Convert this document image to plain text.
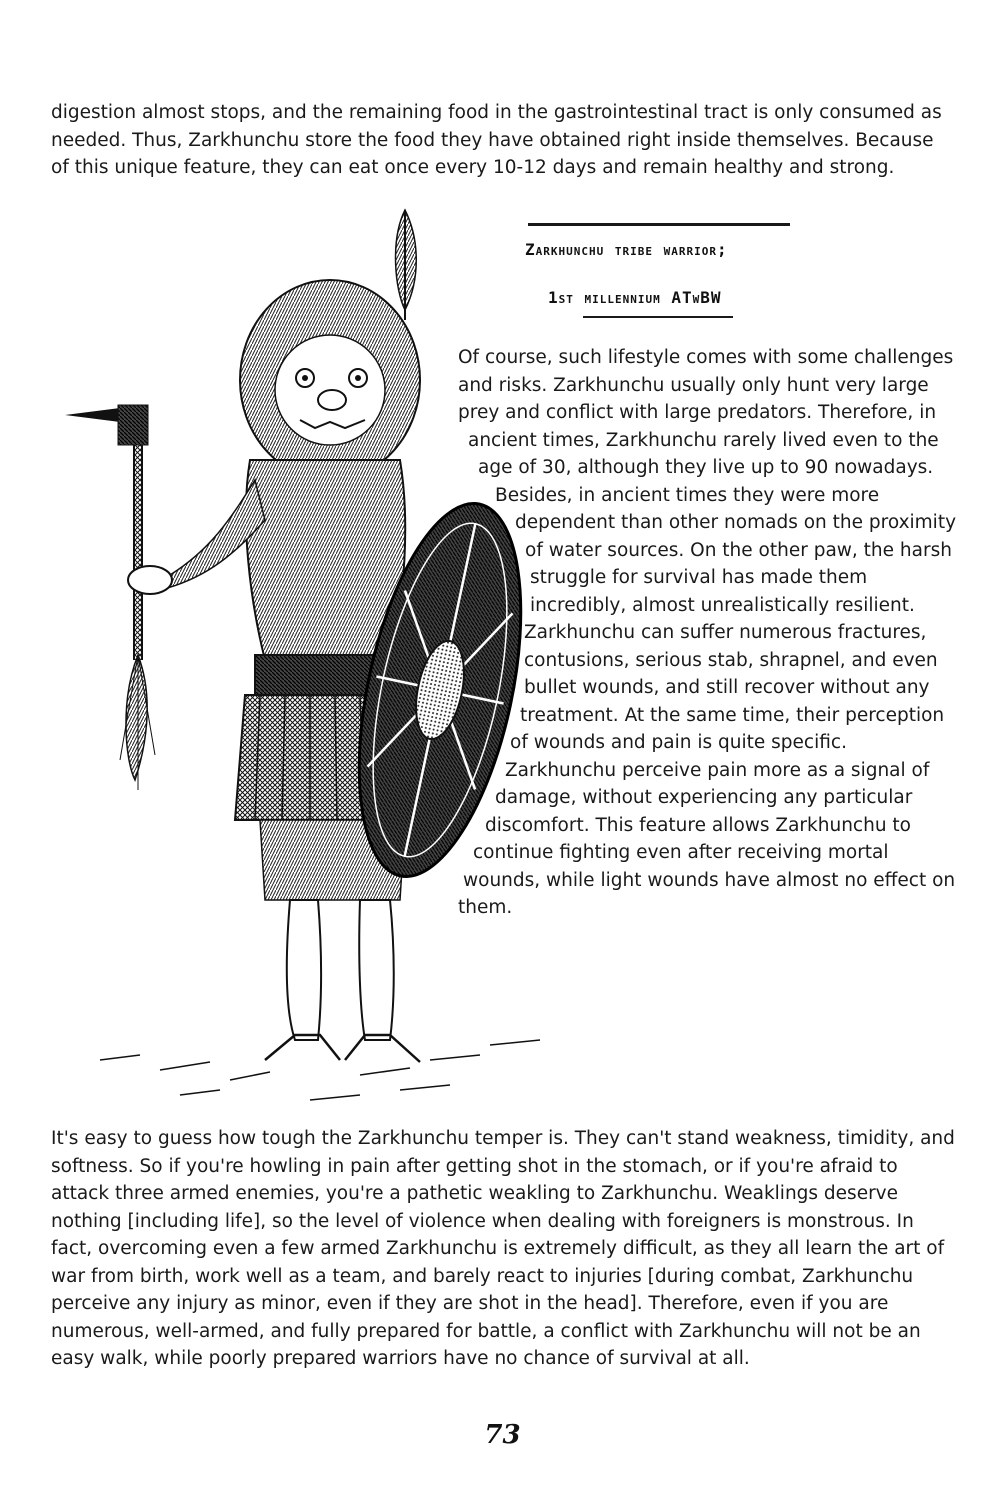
digestion almost stops, and the remaining food in the gastrointestinal tract is only consumed as needed. Thus, Zarkhunchu store the food they have obtained right inside themselves. Because of this unique feature, they can eat once every 10-12 days and remain healthy and strong.

Zarkhunchu tribe warrior;
1st millennium ATwBW
Of course, such lifestyle comes with some challenges
and risks. Zarkhunchu usually only hunt very large
prey and conflict with large predators. Therefore, in
ancient times, Zarkhunchu rarely lived even to the
age of 30, although they live up to 90 nowadays.
Besides, in ancient times they were more
dependent than other nomads on the proximity
of water sources. On the other paw, the harsh
struggle for survival has made them
incredibly, almost unrealistically resilient.
Zarkhunchu can suffer numerous fractures,
contusions, serious stab, shrapnel, and even
bullet wounds, and still recover without any
treatment. At the same time, their perception
of wounds and pain is quite specific.
Zarkhunchu perceive pain more as a signal of
damage, without experiencing any particular
discomfort. This feature allows Zarkhunchu to
continue fighting even after receiving mortal
wounds, while light wounds have almost no effect on
them.

It's easy to guess how tough the Zarkhunchu temper is. They can't stand weakness, timidity, and softness. So if you're howling in pain after getting shot in the stomach, or if you're afraid to attack three armed enemies, you're a pathetic weakling to Zarkhunchu. Weaklings deserve nothing [including life], so the level of violence when dealing with foreigners is monstrous. In fact, overcoming even a few armed Zarkhunchu is extremely difficult, as they all learn the art of war from birth, work well as a team, and barely react to injuries [during combat, Zarkhunchu perceive any injury as minor, even if they are shot in the head]. Therefore, even if you are numerous, well-armed, and fully prepared for battle, a conflict with Zarkhunchu will not be an easy walk, while poorly prepared warriors have no chance of survival at all.

73
